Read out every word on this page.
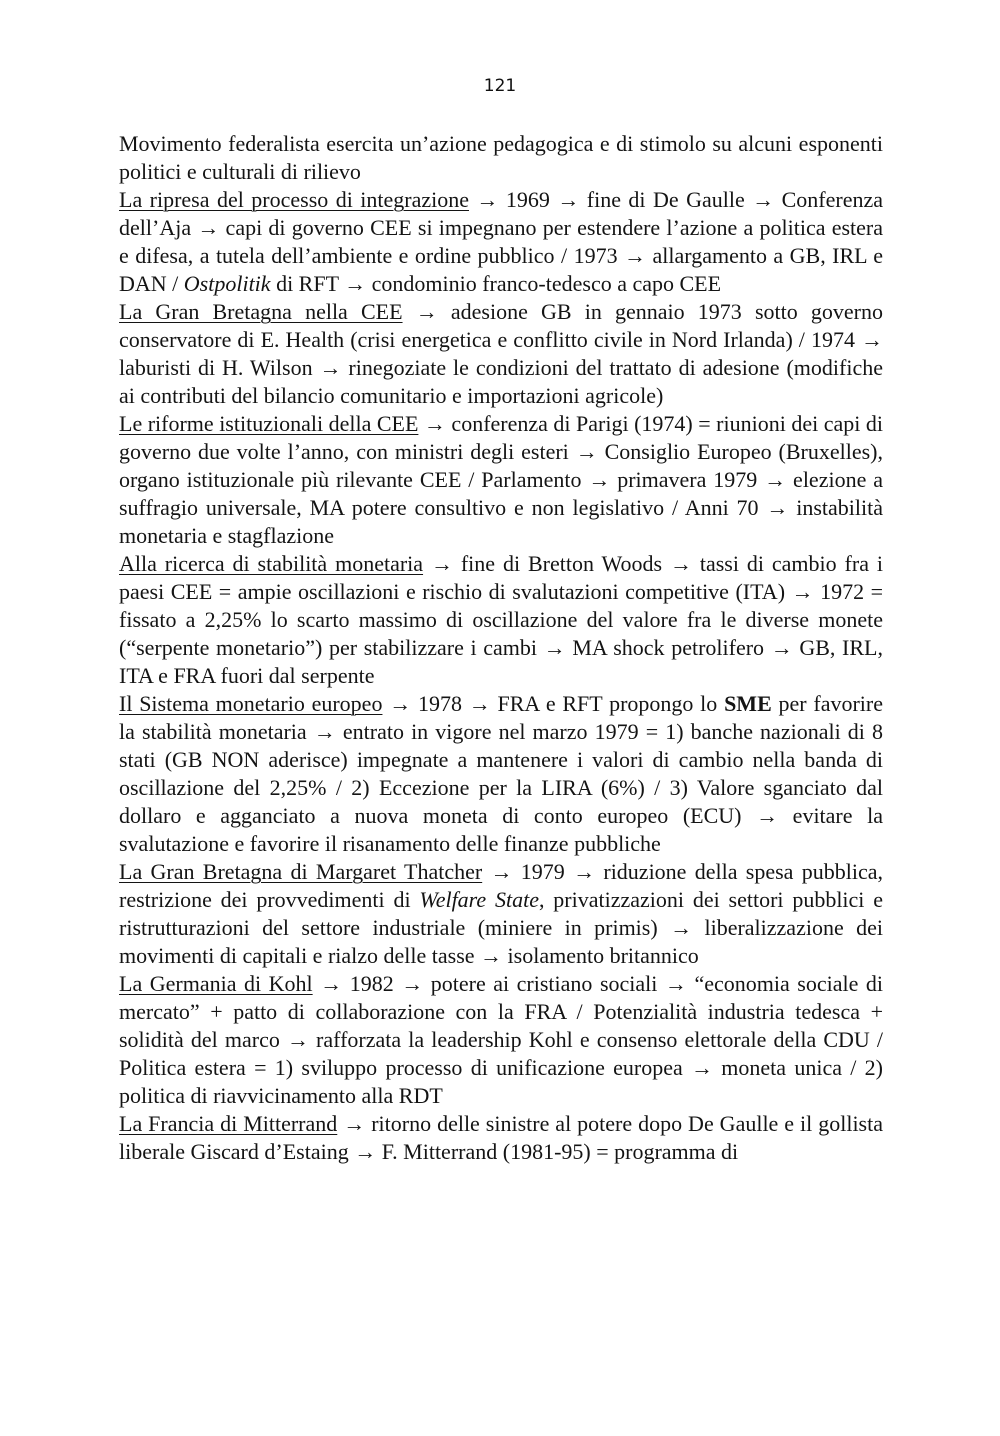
121

Movimento federalista esercita un’azione pedagogica e di stimolo su alcuni esponenti politici e culturali di rilievo

La ripresa del processo di integrazione → 1969 → fine di De Gaulle → Conferenza dell’Aja → capi di governo CEE si impegnano per estendere l’azione a politica estera e difesa, a tutela dell’ambiente e ordine pubblico / 1973 → allargamento a GB, IRL e DAN / Ostpolitik di RFT → condominio franco-tedesco a capo CEE

La Gran Bretagna nella CEE → adesione GB in gennaio 1973 sotto governo conservatore di E. Health (crisi energetica e conflitto civile in Nord Irlanda) / 1974 → laburisti di H. Wilson → rinegoziate le condizioni del trattato di adesione (modifiche ai contributi del bilancio comunitario e importazioni agricole)

Le riforme istituzionali della CEE → conferenza di Parigi (1974) = riunioni dei capi di governo due volte l’anno, con ministri degli esteri → Consiglio Europeo (Bruxelles), organo istituzionale più rilevante CEE / Parlamento → primavera 1979 → elezione a suffragio universale, MA potere consultivo e non legislativo / Anni 70 → instabilità monetaria e stagflazione

Alla ricerca di stabilità monetaria → fine di Bretton Woods → tassi di cambio fra i paesi CEE = ampie oscillazioni e rischio di svalutazioni competitive (ITA) → 1972 = fissato a 2,25% lo scarto massimo di oscillazione del valore fra le diverse monete (“serpente monetario”) per stabilizzare i cambi → MA shock petrolifero → GB, IRL, ITA e FRA fuori dal serpente

Il Sistema monetario europeo → 1978 → FRA e RFT propongo lo SME per favorire la stabilità monetaria → entrato in vigore nel marzo 1979 = 1) banche nazionali di 8 stati (GB NON aderisce) impegnate a mantenere i valori di cambio nella banda di oscillazione del 2,25% / 2) Eccezione per la LIRA (6%) / 3) Valore sganciato dal dollaro e agganciato a nuova moneta di conto europeo (ECU) → evitare la svalutazione e favorire il risanamento delle finanze pubbliche

La Gran Bretagna di Margaret Thatcher → 1979 → riduzione della spesa pubblica, restrizione dei provvedimenti di Welfare State, privatizzazioni dei settori pubblici e ristrutturazioni del settore industriale (miniere in primis) → liberalizzazione dei movimenti di capitali e rialzo delle tasse → isolamento britannico

La Germania di Kohl → 1982 → potere ai cristiano sociali → “economia sociale di mercato” + patto di collaborazione con la FRA / Potenzialità industria tedesca + solidità del marco → rafforzata la leadership Kohl e consenso elettorale della CDU / Politica estera = 1) sviluppo processo di unificazione europea → moneta unica / 2) politica di riavvicinamento alla RDT

La Francia di Mitterrand → ritorno delle sinistre al potere dopo De Gaulle e il gollista liberale Giscard d’Estaing → F. Mitterrand (1981-95) = programma di
